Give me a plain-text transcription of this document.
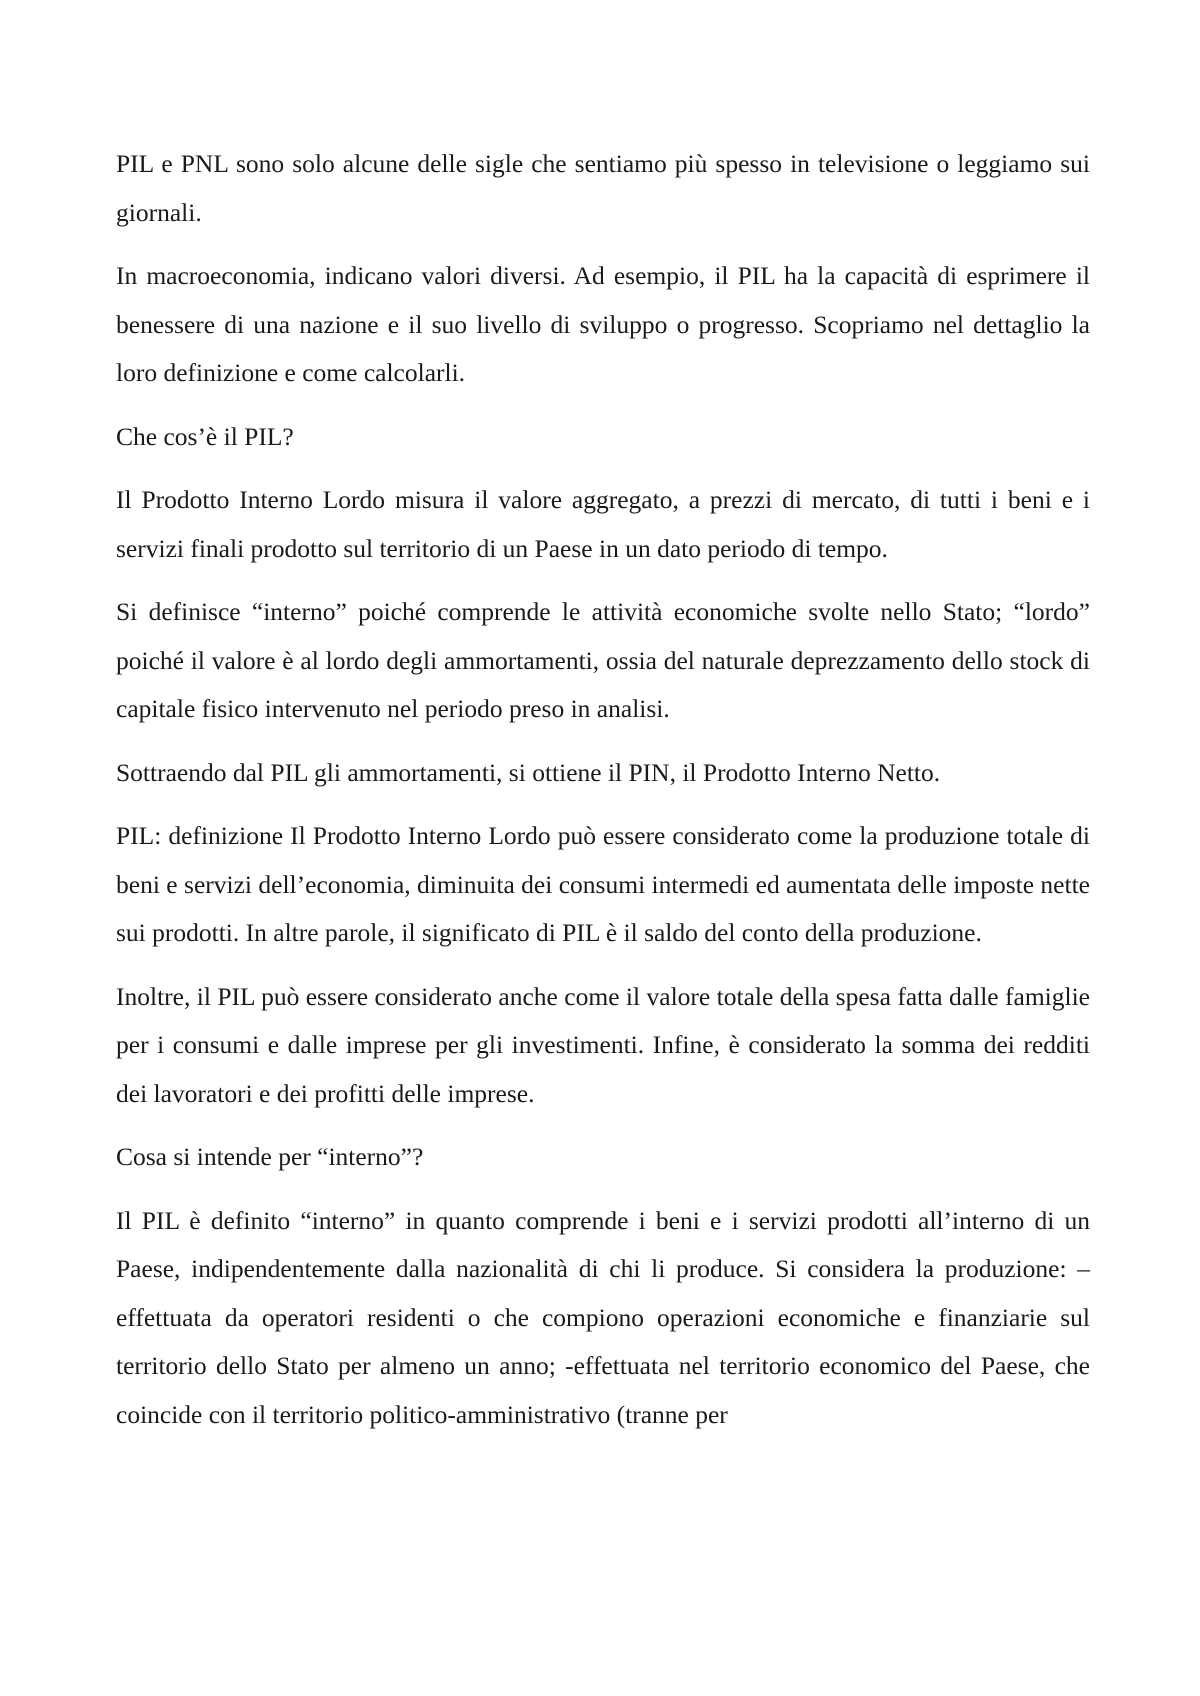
PIL e PNL sono solo alcune delle sigle che sentiamo più spesso in televisione o leggiamo sui giornali.

In macroeconomia, indicano valori diversi. Ad esempio, il PIL ha la capacità di esprimere il benessere di una nazione e il suo livello di sviluppo o progresso. Scopriamo nel dettaglio la loro definizione e come calcolarli.

Che cos’è il PIL?

Il Prodotto Interno Lordo misura il valore aggregato, a prezzi di mercato, di tutti i beni e i servizi finali prodotto sul territorio di un Paese in un dato periodo di tempo.

Si definisce “interno” poiché comprende le attività economiche svolte nello Stato; “lordo” poiché il valore è al lordo degli ammortamenti, ossia del naturale deprezzamento dello stock di capitale fisico intervenuto nel periodo preso in analisi.

Sottraendo dal PIL gli ammortamenti, si ottiene il PIN, il Prodotto Interno Netto.

PIL: definizione Il Prodotto Interno Lordo può essere considerato come la produzione totale di beni e servizi dell’economia, diminuita dei consumi intermedi ed aumentata delle imposte nette sui prodotti. In altre parole, il significato di PIL è il saldo del conto della produzione.

Inoltre, il PIL può essere considerato anche come il valore totale della spesa fatta dalle famiglie per i consumi e dalle imprese per gli investimenti. Infine, è considerato la somma dei redditi dei lavoratori e dei profitti delle imprese.

Cosa si intende per “interno”?

Il PIL è definito “interno” in quanto comprende i beni e i servizi prodotti all’interno di un Paese, indipendentemente dalla nazionalità di chi li produce. Si considera la produzione: – effettuata da operatori residenti o che compiono operazioni economiche e finanziarie sul territorio dello Stato per almeno un anno; -effettuata nel territorio economico del Paese, che coincide con il territorio politico-amministrativo (tranne per
